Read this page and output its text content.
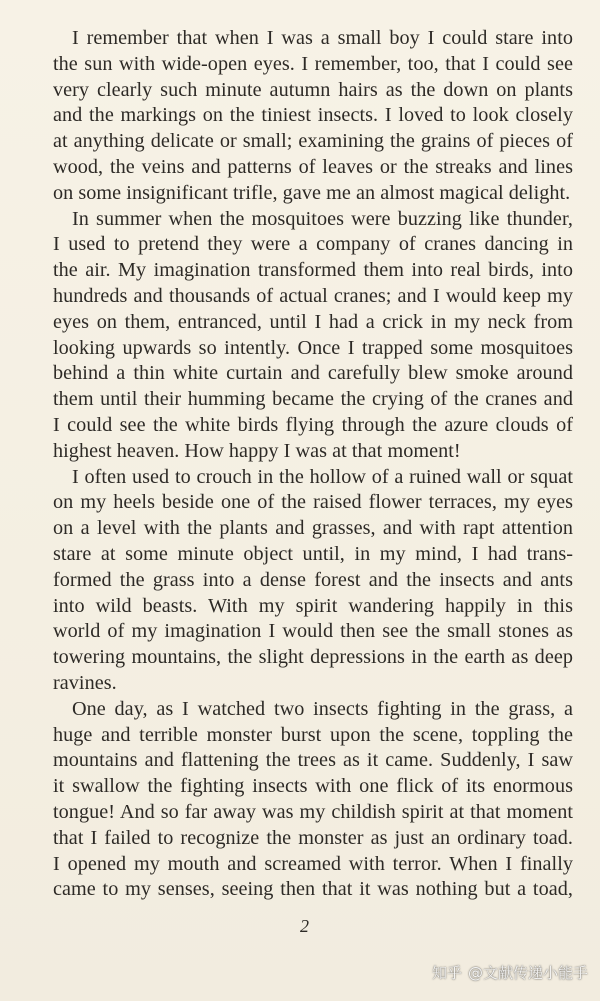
I remember that when I was a small boy I could stare into
the sun with wide-open eyes. I remember, too, that I could see
very clearly such minute autumn hairs as the down on plants
and the markings on the tiniest insects. I loved to look closely
at anything delicate or small; examining the grains of pieces of
wood, the veins and patterns of leaves or the streaks and lines
on some insignificant trifle, gave me an almost magical delight.

In summer when the mosquitoes were buzzing like thunder,
I used to pretend they were a company of cranes dancing in
the air. My imagination transformed them into real birds, into
hundreds and thousands of actual cranes; and I would keep my
eyes on them, entranced, until I had a crick in my neck from
looking upwards so intently. Once I trapped some mosquitoes
behind a thin white curtain and carefully blew smoke around
them until their humming became the crying of the cranes and
I could see the white birds flying through the azure clouds of
highest heaven. How happy I was at that moment!

I often used to crouch in the hollow of a ruined wall or squat
on my heels beside one of the raised flower terraces, my eyes
on a level with the plants and grasses, and with rapt attention
stare at some minute object until, in my mind, I had trans-
formed the grass into a dense forest and the insects and ants
into wild beasts. With my spirit wandering happily in this
world of my imagination I would then see the small stones as
towering mountains, the slight depressions in the earth as deep
ravines.

One day, as I watched two insects fighting in the grass, a
huge and terrible monster burst upon the scene, toppling the
mountains and flattening the trees as it came. Suddenly, I saw
it swallow the fighting insects with one flick of its enormous
tongue! And so far away was my childish spirit at that moment
that I failed to recognize the monster as just an ordinary toad.
I opened my mouth and screamed with terror. When I finally
came to my senses, seeing then that it was nothing but a toad,

2
知乎 @文献传递小能手
